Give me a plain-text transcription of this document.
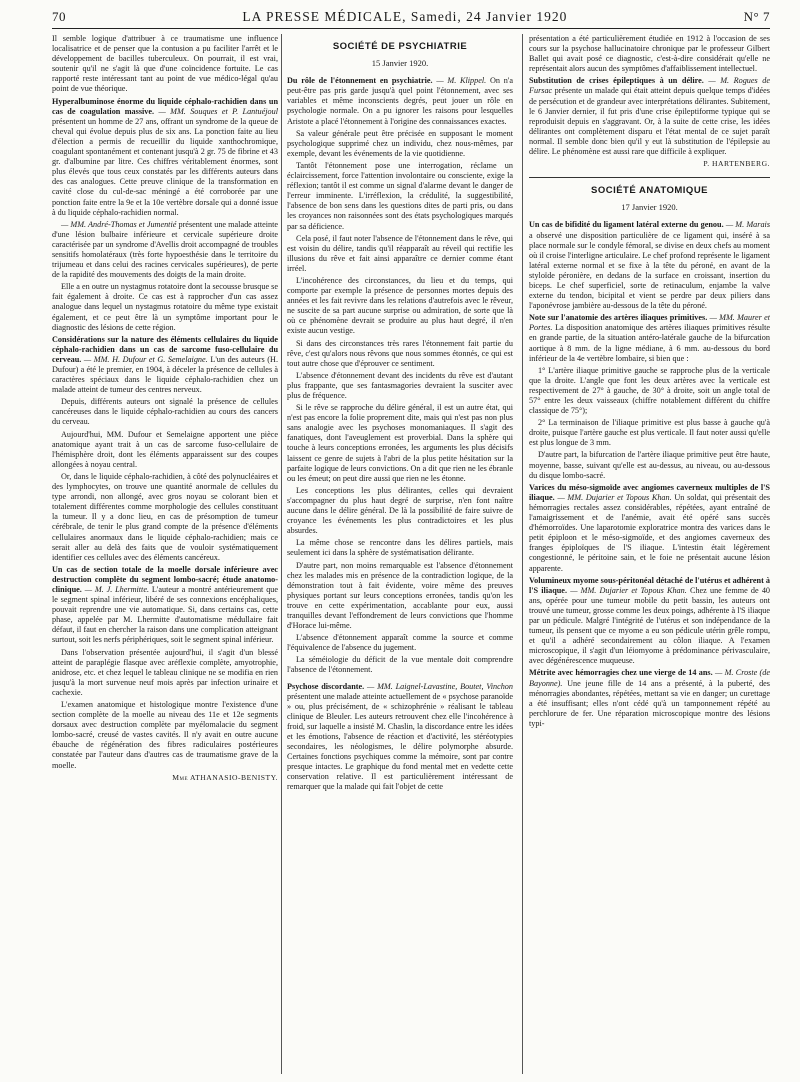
70	LA PRESSE MÉDICALE, Samedi, 24 Janvier 1920	N° 7

Il semble logique d'attribuer à ce traumatisme une influence localisatrice et de penser que la contusion a pu faciliter l'arrêt et le développement de bacilles tuberculeux. On pourrait, il est vrai, soutenir qu'il ne s'agit là que d'une coïncidence fortuite. Le cas rapporté reste intéressant tant au point de vue médico-légal qu'au point de vue théorique.

Hyperalbuminose énorme du liquide céphalo-rachidien dans un cas de coagulation massive. — MM. Souques et P. Lantuéjoul présentent un homme de 27 ans, offrant un syndrome de la queue de cheval qui évolue depuis plus de six ans. La ponction faite au lieu d'élection a permis de recueillir du liquide xanthochromique, coagulant spontanément et contenant jusqu'à 2 gr. 75 de fibrine et 43 gr. d'albumine par litre. Ces chiffres véritablement énormes, sont plus élevés que tous ceux constatés par les différents auteurs dans des cas analogues. Cette preuve clinique de la transformation en cavité close du cul-de-sac méningé a été corroborée par une ponction faite entre la 9e et la 10e vertèbre dorsale qui a donné issue à du liquide céphalo-rachidien normal.

— MM. André-Thomas et Jumentié présentent une malade atteinte d'une lésion bulbaire inférieure et cervicale supérieure droite caractérisée par un syndrome d'Avellis droit accompagné de troubles sensitifs homolatéraux (très forte hypoesthésie dans le territoire du trijumeau et dans celui des racines cervicales supérieures), de perte de la rapidité des mouvements des doigts de la main droite.

Elle a en outre un nystagmus rotatoire dont la secousse brusque se fait également à droite. Ce cas est à rapprocher d'un cas assez analogue dans lequel un nystagmus rotatoire du même type existait également, et ce peut être là un symptôme important pour le diagnostic des lésions de cette région.

Considérations sur la nature des éléments cellulaires du liquide céphalo-rachidien dans un cas de sarcome fuso-cellulaire du cerveau. — MM. H. Dufour et G. Semelaigne. L'un des auteurs (H. Dufour) a été le premier, en 1904, à déceler la présence de cellules à caractères spéciaux dans le liquide céphalo-rachidien chez un malade atteint de tumeur des centres nerveux.

Depuis, différents auteurs ont signalé la présence de cellules cancéreuses dans le liquide céphalo-rachidien au cours des cancers du cerveau.

Aujourd'hui, MM. Dufour et Semelaigne apportent une pièce anatomique ayant trait à un cas de sarcome fuso-cellulaire de l'hémisphère droit, dont les éléments apparaissent sur des coupes allongées à noyau central.

Or, dans le liquide céphalo-rachidien, à côté des polynucléaires et des lymphocytes, on trouve une quantité anormale de cellules du type arrondi, non allongé, avec gros noyau se colorant bien et totalement différentes comme morphologie des cellules constituant la tumeur. Il y a donc lieu, en cas de présomption de tumeur cérébrale, de tenir le plus grand compte de la présence d'éléments cellulaires anormaux dans le liquide céphalo-rachidien; mais ce serait aller au delà des faits que de vouloir systématiquement identifier ces cellules avec des éléments cancéreux.

Un cas de section totale de la moelle dorsale inférieure avec destruction complète du segment lombo-sacré; étude anatomo-clinique. — M. J. Lhermitte. L'auteur a montré antérieurement que le segment spinal inférieur, libéré de ses connexions encéphaliques, pouvait reprendre une vie automatique. Si, dans certains cas, cette phase, appelée par M. Lhermitte d'automatisme médullaire fait défaut, il faut en chercher la raison dans une complication atteignant surtout, soit les nerfs périphériques, soit le segment spinal inférieur.

Dans l'observation présentée aujourd'hui, il s'agit d'un blessé atteint de paraplégie flasque avec aréflexie complète, amyotrophie, anidrose, etc. et chez lequel le tableau clinique ne se modifia en rien jusqu'à la mort survenue neuf mois après par infection urinaire et cachexie.

L'examen anatomique et histologique montre l'existence d'une section complète de la moelle au niveau des 11e et 12e segments dorsaux avec destruction complète par myélomalacie du segment lombo-sacré, creusé de vastes cavités. Il n'y avait en outre aucune ébauche de régénération des fibres radiculaires postérieures constatée par l'auteur dans d'autres cas de traumatisme grave de la moelle.

Mme ATHANASIO-BENISTY.

SOCIÉTÉ DE PSYCHIATRIE
15 Janvier 1920.

Du rôle de l'étonnement en psychiatrie. — M. Klippel. On n'a peut-être pas pris garde jusqu'à quel point l'étonnement, avec ses variables et même inconscients degrés, peut jouer un rôle en psychologie normale. On a pu ignorer les raisons pour lesquelles Aristote a placé l'étonnement à l'origine des connaissances exactes.

Sa valeur générale peut être précisée en supposant le moment psychologique supprimé chez un individu, chez nous-mêmes, par exemple, devant les événements de la vie quotidienne.

Tantôt l'étonnement pose une interrogation, réclame un éclaircissement, force l'attention involontaire ou consciente, exige la réflexion; tantôt il est comme un signal d'alarme devant le danger de l'erreur imminente. L'irréflexion, la crédulité, la suggestibilité, l'absence de bon sens dans les questions dites de parti pris, ou dans les croyances non raisonnées sont des états psychologiques marqués par sa déficience.

Cela posé, il faut noter l'absence de l'étonnement dans le rêve, qui est voisin du délire, tandis qu'il réapparaît au réveil qui rectifie les illusions du rêve et fait ainsi apparaître ce dernier comme étant irréel.

L'incohérence des circonstances, du lieu et du temps, qui comporte par exemple la présence de personnes mortes depuis des années et les fait revivre dans les relations d'autrefois avec le rêveur, ne suscite de sa part aucune surprise ou admiration, de sorte que là où ce phénomène devrait se produire au plus haut degré, il n'en existe aucun vestige.

Si dans des circonstances très rares l'étonnement fait partie du rêve, c'est qu'alors nous rêvons que nous sommes étonnés, ce qui est tout autre chose que d'éprouver ce sentiment.

L'absence d'étonnement devant des incidents du rêve est d'autant plus frappante, que ses fantasmagories devraient la susciter avec plus de fréquence.

Si le rêve se rapproche du délire général, il est un autre état, qui n'est pas encore la folie proprement dite, mais qui n'est pas non plus sans analogie avec les psychoses monomaniaques. Il s'agit des fanatiques, dont l'aveuglement est proverbial. Dans la sphère qui touche à leurs conceptions erronées, les arguments les plus décisifs laissent ce genre de sujets à l'abri de la plus petite hésitation sur la parfaite logique de leurs convictions. On a dit que rien ne les ébranle ou les émeut; on peut dire aussi que rien ne les étonne.

Les conceptions les plus délirantes, celles qui devraient s'accompagner du plus haut degré de surprise, n'en font naître aucune dans le délire général. De là la possibilité de faire suivre de croyance les événements les plus contradictoires et les plus absurdes.

La même chose se rencontre dans les délires partiels, mais seulement ici dans la sphère de systématisation délirante.

D'autre part, non moins remarquable est l'absence d'étonnement chez les malades mis en présence de la contradiction logique, de la démonstration tout à fait évidente, voire même des preuves physiques portant sur leurs conceptions erronées, tandis qu'on les trouve en cette expérimentation, accablante pour eux, aussi tranquilles devant l'effondrement de leurs convictions que l'homme d'Horace lui-même.

L'absence d'étonnement apparaît comme la source et comme l'équivalence de l'absence du jugement.

La séméiologie du déficit de la vue mentale doit comprendre l'absence de l'étonnement.

Psychose discordante. — MM. Laignel-Lavastine, Boutet, Vinchon présentent une malade atteinte actuellement de « psychose paranoïde » ou, plus précisément, de « schizophrénie » réalisant le tableau clinique de Bleuler. Les auteurs retrouvent chez elle l'incohérence à froid, sur laquelle a insisté M. Chaslin, la discordance entre les idées et les émotions, l'absence de réaction et d'activité, les stéréotypies secondaires, les néologismes, le délire polymorphe absurde. Certaines fonctions psychiques comme la mémoire, sont par contre presque intactes. Le graphique du fond mental met en vedette cette conservation relative. Il est particulièrement intéressant de remarquer que la malade qui fait l'objet de cette

présentation a été particulièrement étudiée en 1912 à l'occasion de ses cours sur la psychose hallucinatoire chronique par le professeur Gilbert Ballet qui avait posé ce diagnostic, c'est-à-dire considérait qu'elle ne représentait alors aucun des symptômes d'affaiblissement intellectuel.

Substitution de crises épileptiques à un délire. — M. Rogues de Fursac présente un malade qui était atteint depuis quelque temps d'idées de persécution et de grandeur avec interprétations délirantes. Subitement, le 6 Janvier dernier, il fut pris d'une crise épileptiforme typique qui se reproduisit depuis en s'aggravant. Or, à la suite de cette crise, les idées délirantes ont complètement disparu et l'état mental de ce sujet paraît normal. Il semble donc bien qu'il y eut là substitution de l'épilepsie au délire. Le phénomène est aussi rare que difficile à expliquer.

P. HARTENBERG.

SOCIÉTÉ ANATOMIQUE
17 Janvier 1920.

Un cas de bifidité du ligament latéral externe du genou. — M. Marais a observé une disposition particulière de ce ligament qui, inséré à sa place normale sur le condyle fémoral, se divise en deux chefs au moment où il croise l'interligne articulaire. Le chef profond représente le ligament latéral externe normal et se fixe à la tête du péroné, en avant de la styloïde péronière, en dedans de la surface en croissant, insertion du biceps. Le chef superficiel, sorte de retinaculum, enjambe la valve externe du tendon, bicipital et vient se perdre par deux piliers dans l'aponévrose jambière au-dessous de la tête du péroné.

Note sur l'anatomie des artères iliaques primitives. — MM. Maurer et Portes. La disposition anatomique des artères iliaques primitives résulte en grande partie, de la situation antéro-latérale gauche de la bifurcation aortique à 8 mm. de la ligne médiane, à 6 mm. au-dessous du bord inférieur de la 4e vertèbre lombaire, si bien que :

1° L'artère iliaque primitive gauche se rapproche plus de la verticale que la droite. L'angle que font les deux artères avec la verticale est respectivement de 27° à gauche, de 30° à droite, soit un angle total de 57° entre les deux vaisseaux (chiffre notablement différent du chiffre classique de 75°);

2° La terminaison de l'iliaque primitive est plus basse à gauche qu'à droite, puisque l'artère gauche est plus verticale. Il faut noter aussi qu'elle est plus longue de 3 mm.

D'autre part, la bifurcation de l'artère iliaque primitive peut être haute, moyenne, basse, suivant qu'elle est au-dessus, au niveau, ou au-dessous du disque lombo-sacré.

Varices du méso-sigmoïde avec angiomes caverneux multiples de l'S iliaque. — MM. Dujarier et Topous Khan. Un soldat, qui présentait des hémorragies rectales assez considérables, répétées, ayant entraîné de l'amaigrissement et de l'anémie, avait été opéré sans succès d'hémorroïdes. Une laparotomie exploratrice montra des varices dans le petit épiploon et le méso-sigmoïde, et des angiomes caverneux des franges épiploïques de l'S iliaque. L'intestin était légèrement congestionné, le péritoine sain, et le foie ne présentait aucune lésion apparente.

Volumineux myome sous-péritonéal détaché de l'utérus et adhérent à l'S iliaque. — MM. Dujarier et Topous Khan. Chez une femme de 40 ans, opérée pour une tumeur mobile du petit bassin, les auteurs ont trouvé une tumeur, grosse comme les deux poings, adhérente à l'S iliaque par un pédicule. Malgré l'intégrité de l'utérus et son indépendance de la tumeur, ils pensent que ce myome a eu son pédicule utérin grêle rompu, et qu'il a adhéré secondairement au côlon iliaque. A l'examen microscopique, il s'agit d'un léiomyome à prédominance périvasculaire, avec dégénérescence muqueuse.

Métrite avec hémorragies chez une vierge de 14 ans. — M. Croste (de Bayonne). Une jeune fille de 14 ans a présenté, à la puberté, des ménorragies abondantes, répétées, mettant sa vie en danger; un curettage a été insuffisant; elles n'ont cédé qu'à un tamponnement répété au perchlorure de fer. Une réparation microscopique montre des lésions typi-
